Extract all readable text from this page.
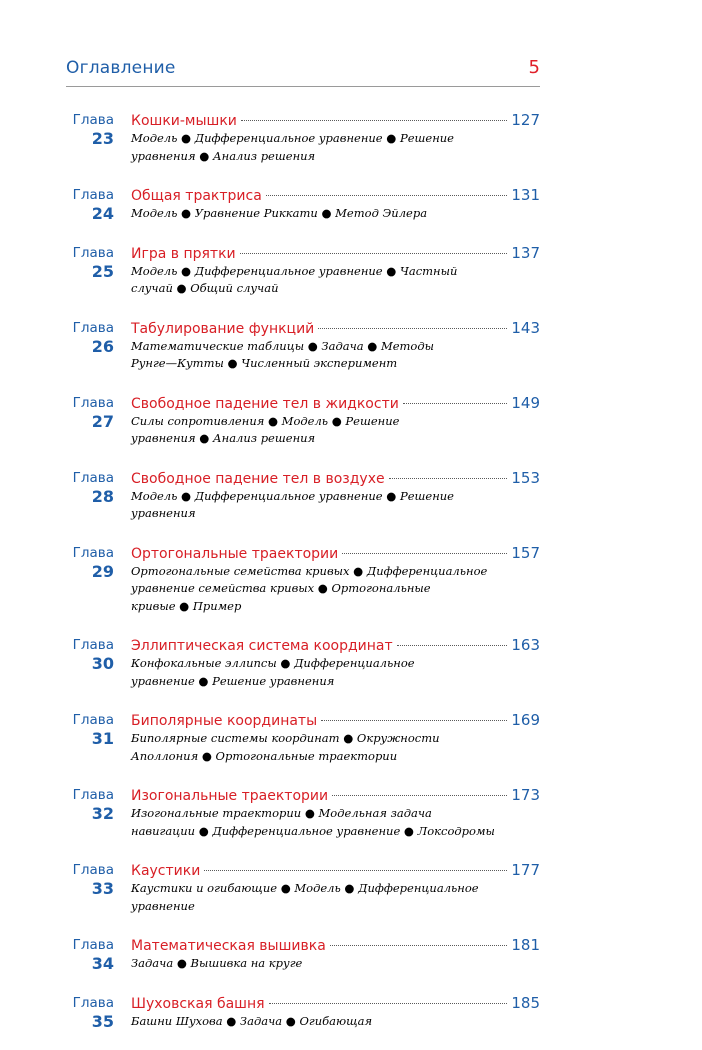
Оглавление	5
Глава
23
Кошки-мышки	127
Модель ● Дифференциальное уравнение ● Решение
уравнения ● Анализ решения
Глава
24
Общая трактриса	131
Модель ● Уравнение Риккати ● Метод Эйлера
Глава
25
Игра в прятки	137
Модель ● Дифференциальное уравнение ● Частный
случай ● Общий случай
Глава
26
Табулирование функций	143
Математические таблицы ● Задача ● Методы
Рунге—Кутты ● Численный эксперимент
Глава
27
Свободное падение тел в жидкости	149
Силы сопротивления ● Модель ● Решение
уравнения ● Анализ решения
Глава
28
Свободное падение тел в воздухе	153
Модель ● Дифференциальное уравнение ● Решение
уравнения
Глава
29
Ортогональные траектории	157
Ортогональные семейства кривых ● Дифференциальное
уравнение семейства кривых ● Ортогональные
кривые ● Пример
Глава
30
Эллиптическая система координат	163
Конфокальные эллипсы ● Дифференциальное
уравнение ● Решение уравнения
Глава
31
Биполярные координаты	169
Биполярные системы координат ● Окружности
Аполлония ● Ортогональные траектории
Глава
32
Изогональные траектории	173
Изогональные траектории ● Модельная задача
навигации ● Дифференциальное уравнение ● Локсодромы
Глава
33
Каустики	177
Каустики и огибающие ● Модель ● Дифференциальное
уравнение
Глава
34
Математическая вышивка	181
Задача ● Вышивка на круге
Глава
35
Шуховская башня	185
Башни Шухова ● Задача ● Огибающая
